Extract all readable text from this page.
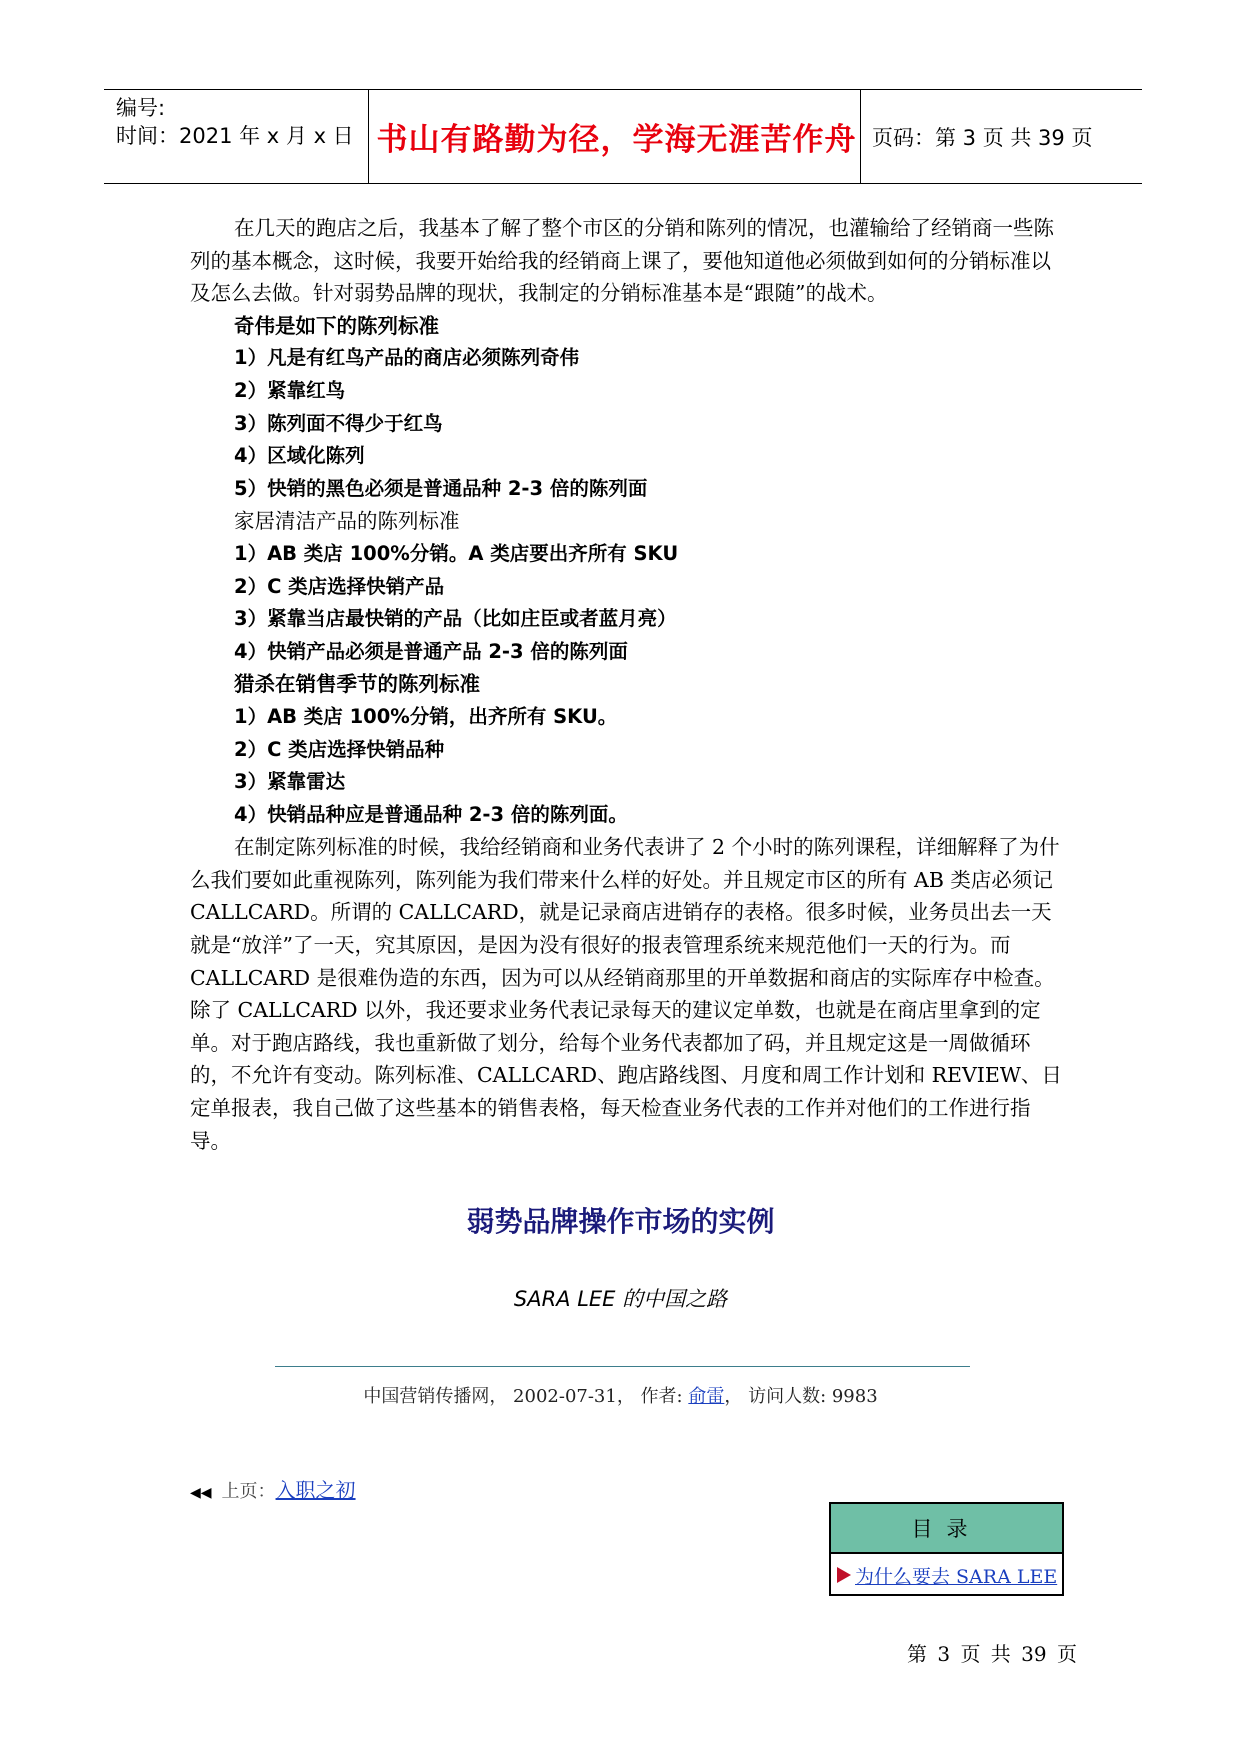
编号:
时间：2021 年 x 月 x 日 书山有路勤为径，学海无涯苦作舟 页码：第 3 页 共 39 页

在几天的跑店之后，我基本了解了整个市区的分销和陈列的情况，也灌输给了经销商一些陈列的基本概念，这时候，我要开始给我的经销商上课了，要他知道他必须做到如何的分销标准以及怎么去做。针对弱势品牌的现状，我制定的分销标准基本是“跟随”的战术。

奇伟是如下的陈列标准

1）凡是有红鸟产品的商店必须陈列奇伟

2）紧靠红鸟

3）陈列面不得少于红鸟

4）区域化陈列

5）快销的黑色必须是普通品种 2-3 倍的陈列面

家居清洁产品的陈列标准

1）AB 类店 100%分销。A 类店要出齐所有 SKU

2）C 类店选择快销产品

3）紧靠当店最快销的产品（比如庄臣或者蓝月亮）

4）快销产品必须是普通产品 2-3 倍的陈列面

猎杀在销售季节的陈列标准

1）AB 类店 100%分销，出齐所有 SKU。

2）C 类店选择快销品种

3）紧靠雷达

4）快销品种应是普通品种 2-3 倍的陈列面。

在制定陈列标准的时候，我给经销商和业务代表讲了 2 个小时的陈列课程，详细解释了为什么我们要如此重视陈列，陈列能为我们带来什么样的好处。并且规定市区的所有 AB 类店必须记 CALLCARD。所谓的 CALLCARD，就是记录商店进销存的表格。很多时候，业务员出去一天就是“放洋”了一天，究其原因，是因为没有很好的报表管理系统来规范他们一天的行为。而 CALLCARD 是很难伪造的东西，因为可以从经销商那里的开单数据和商店的实际库存中检查。除了 CALLCARD 以外，我还要求业务代表记录每天的建议定单数，也就是在商店里拿到的定单。对于跑店路线，我也重新做了划分，给每个业务代表都加了码，并且规定这是一周做循环的，不允许有变动。陈列标准、CALLCARD、跑店路线图、月度和周工作计划和 REVIEW、日定单报表，我自己做了这些基本的销售表格，每天检查业务代表的工作并对他们的工作进行指导。

弱势品牌操作市场的实例
SARA LEE 的中国之路
中国营销传播网， 2002-07-31， 作者: 俞雷， 访问人数: 9983
◀◀ 上页：入职之初
目录
为什么要去 SARA LEE
第 3 页 共 39 页
